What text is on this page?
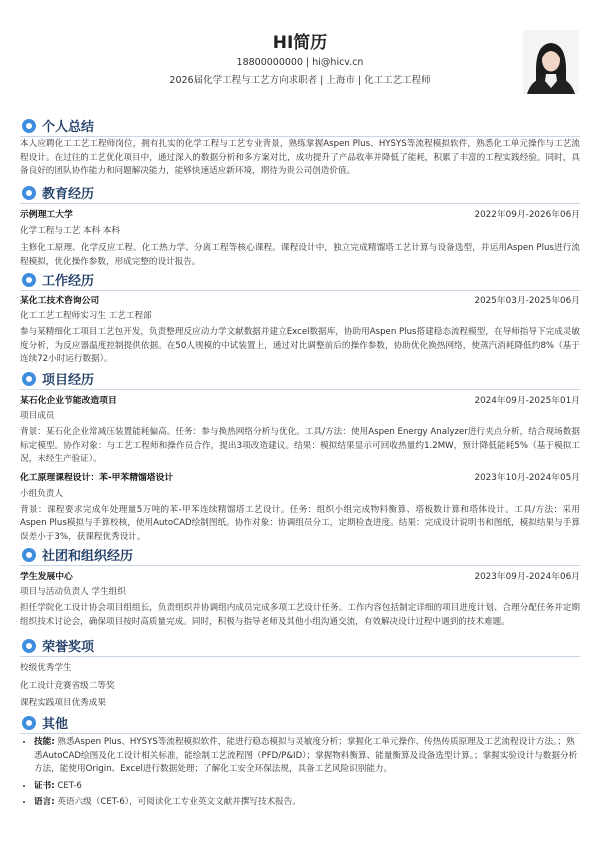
HI简历
18800000000 | hi@hicv.cn
2026届化学工程与工艺方向求职者 | 上海市 | 化工工艺工程师
个人总结
本人应聘化工工艺工程师岗位，拥有扎实的化学工程与工艺专业背景，熟练掌握Aspen Plus、HYSYS等流程模拟软件，熟悉化工单元操作与工艺流程设计。在过往的工艺优化项目中，通过深入的数据分析和多方案对比，成功提升了产品收率并降低了能耗，积累了丰富的工程实践经验。同时，具备良好的团队协作能力和问题解决能力，能够快速适应新环境，期待为贵公司创造价值。
教育经历
示例理工大学	2022年09月-2026年06月
化学工程与工艺 本科 本科
主修化工原理、化学反应工程、化工热力学、分离工程等核心课程。课程设计中，独立完成精馏塔工艺计算与设备选型，并运用Aspen Plus进行流程模拟，优化操作参数，形成完整的设计报告。
工作经历
某化工技术咨询公司	2025年03月-2025年06月
化工工艺工程师实习生 工艺工程部
参与某精细化工项目工艺包开发，负责整理反应动力学文献数据并建立Excel数据库，协助用Aspen Plus搭建稳态流程模型，在导师指导下完成灵敏度分析，为反应器温度控制提供依据。在50人规模的中试装置上，通过对比调整前后的操作参数，协助优化换热网络，使蒸汽消耗降低约8%（基于连续72小时运行数据）。
项目经历
某石化企业节能改造项目	2024年09月-2025年01月
项目成员
背景：某石化企业常减压装置能耗偏高。任务：参与换热网络分析与优化。工具/方法：使用Aspen Energy Analyzer进行夹点分析，结合现场数据标定模型。协作对象：与工艺工程师和操作员合作，提出3项改造建议。结果：模拟结果显示可回收热量约1.2MW，预计降低能耗5%（基于模拟工况，未经生产验证）。
化工原理课程设计：苯-甲苯精馏塔设计	2023年10月-2024年05月
小组负责人
背景：课程要求完成年处理量5万吨的苯-甲苯连续精馏塔工艺设计。任务：组织小组完成物料衡算、塔板数计算和塔体设计。工具/方法：采用Aspen Plus模拟与手算校核，使用AutoCAD绘制图纸。协作对象：协调组员分工，定期检查进度。结果：完成设计说明书和图纸，模拟结果与手算误差小于3%，获课程优秀设计。
社团和组织经历
学生发展中心	2023年09月-2024年06月
项目与活动负责人 学生组织
担任学院化工设计协会项目组组长，负责组织并协调组内成员完成多项工艺设计任务。工作内容包括制定详细的项目进度计划、合理分配任务并定期组织技术讨论会，确保项目按时高质量完成。同时，积极与指导老师及其他小组沟通交流，有效解决设计过程中遇到的技术难题。
荣誉奖项
校级优秀学生
化工设计竞赛省级二等奖
课程实践项目优秀成果
其他
• 技能: 熟悉Aspen Plus、HYSYS等流程模拟软件，能进行稳态模拟与灵敏度分析；掌握化工单元操作、传热传质原理及工艺流程设计方法。；熟悉AutoCAD绘图及化工设计相关标准，能绘制工艺流程图（PFD/P&ID）；掌握物料衡算、能量衡算及设备选型计算。；掌握实验设计与数据分析方法，能使用Origin、Excel进行数据处理；了解化工安全环保法规，具备工艺风险识别能力。
• 证书: CET-6
• 语言: 英语六级（CET-6），可阅读化工专业英文文献并撰写技术报告。
